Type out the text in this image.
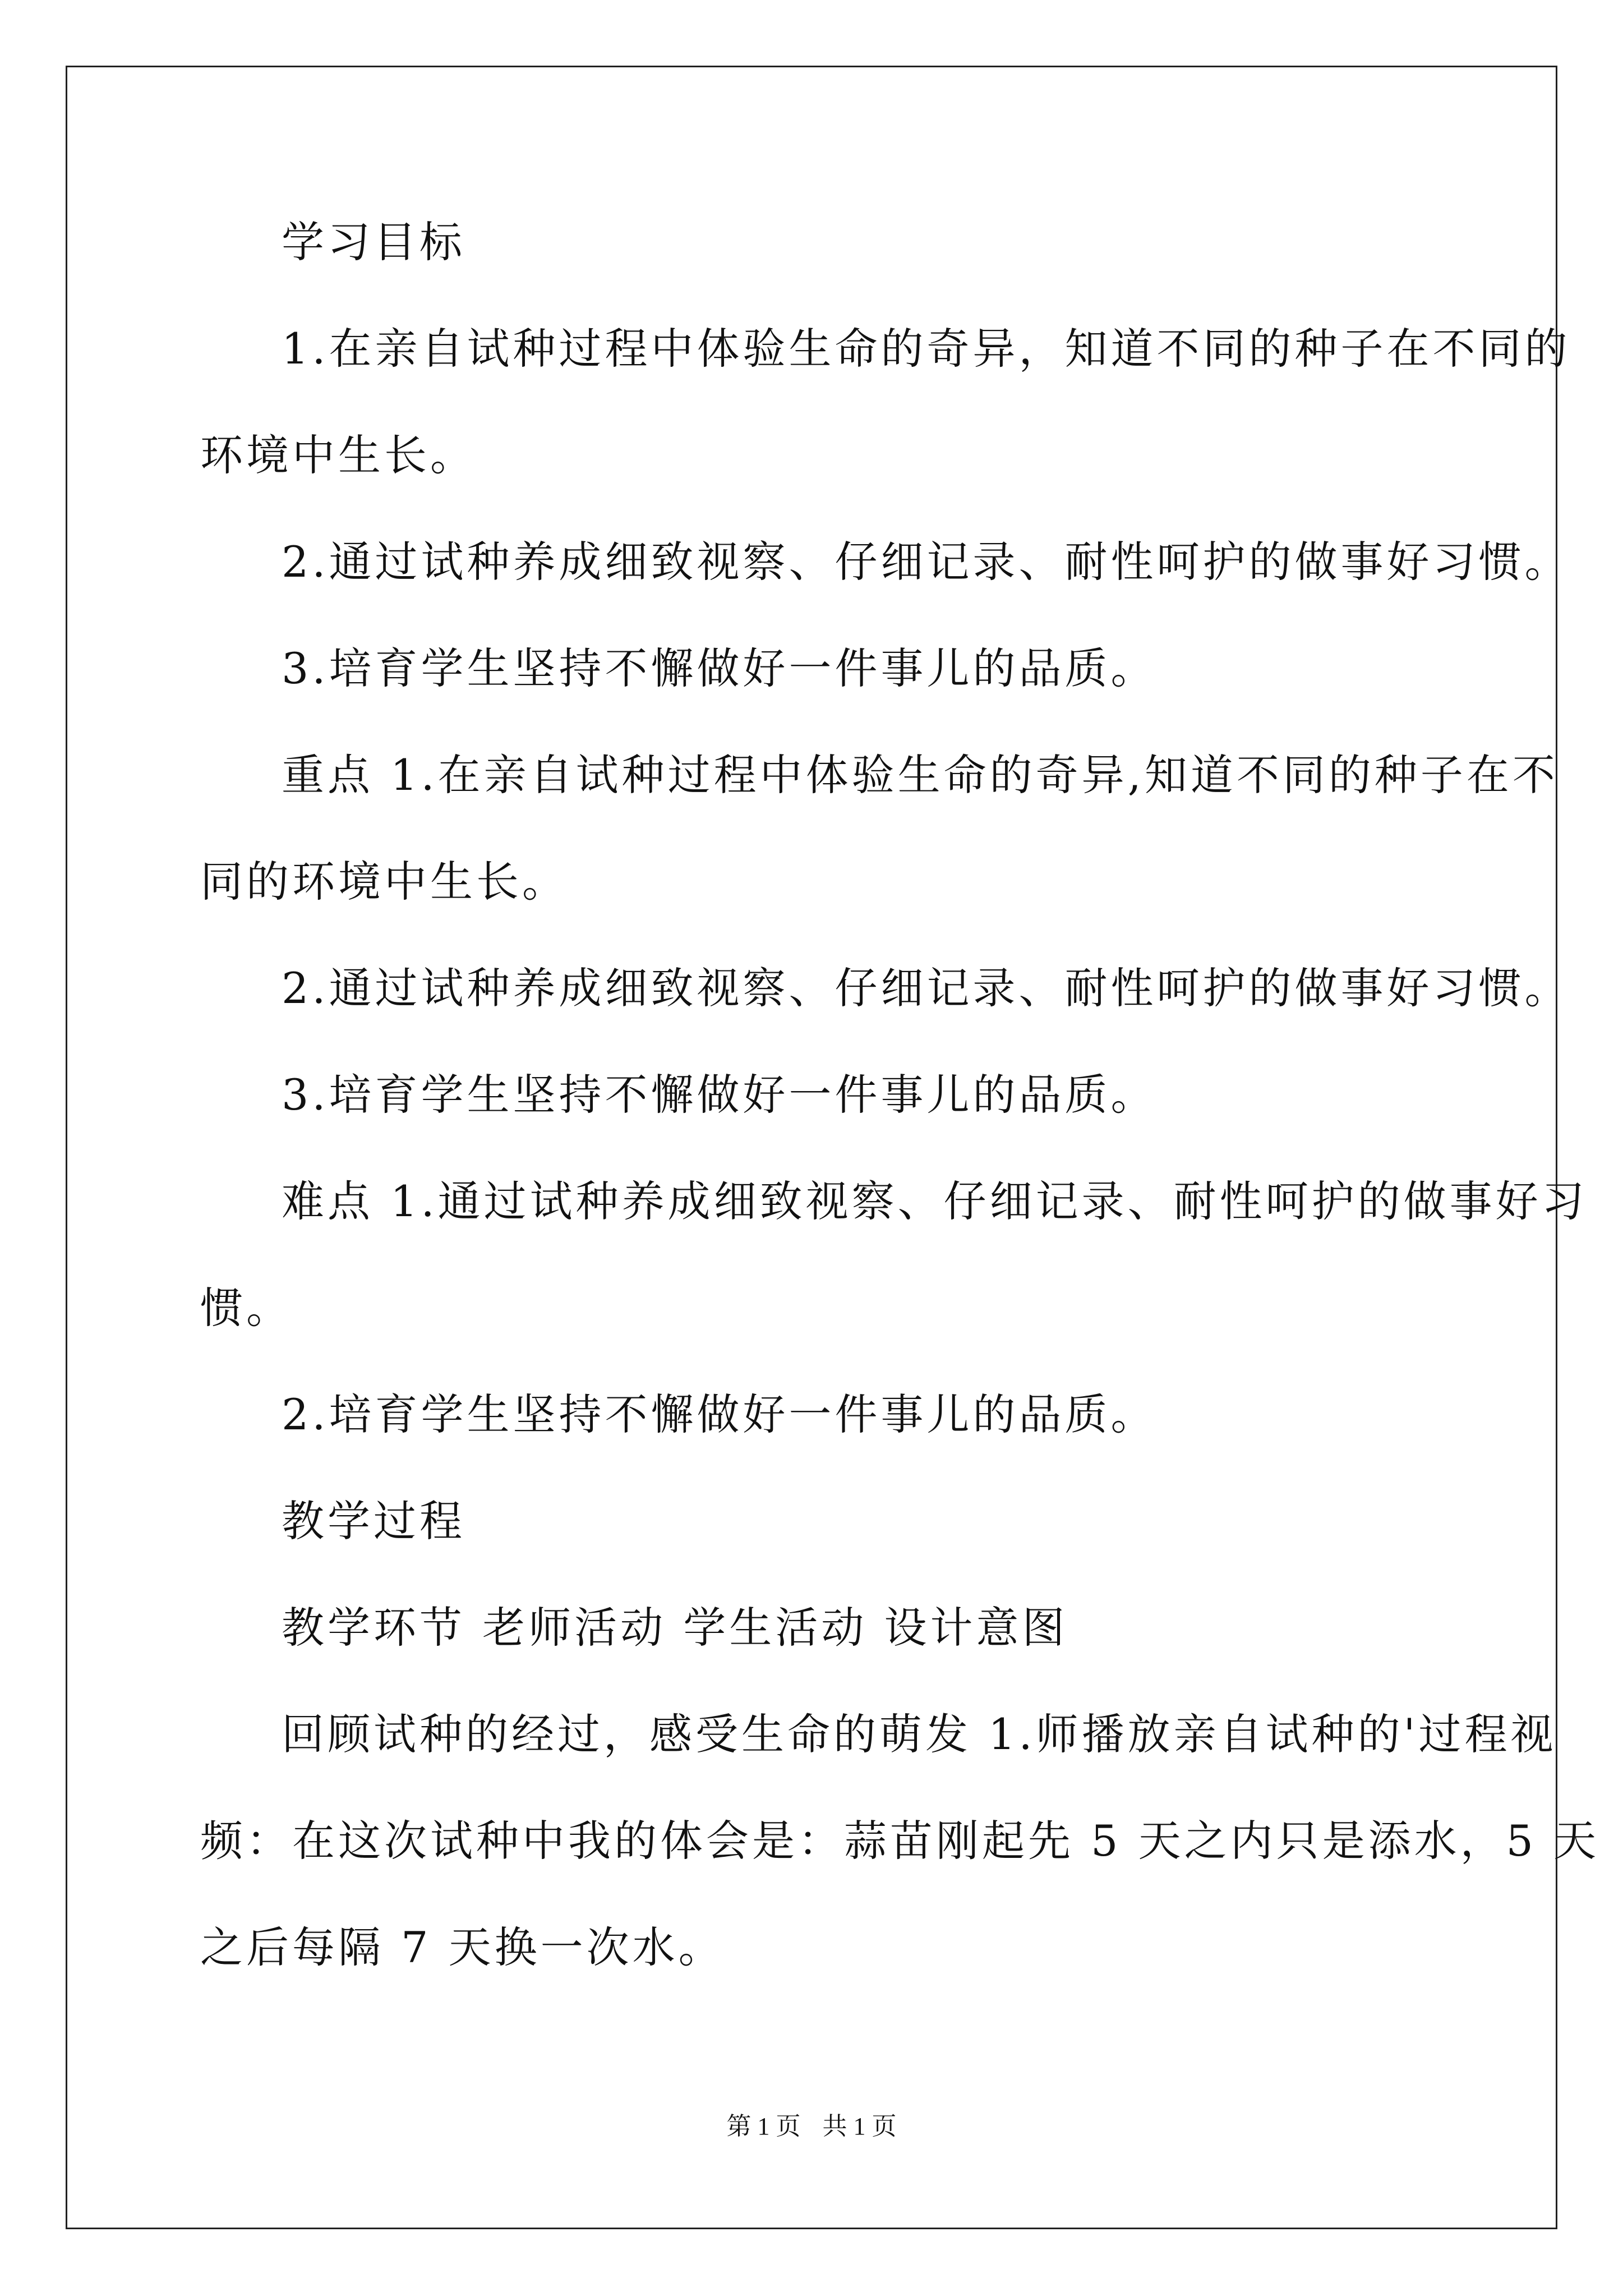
学习目标
1.在亲自试种过程中体验生命的奇异，知道不同的种子在不同的
环境中生长。
2.通过试种养成细致视察、仔细记录、耐性呵护的做事好习惯。
3.培育学生坚持不懈做好一件事儿的品质。
重点 1.在亲自试种过程中体验生命的奇异,知道不同的种子在不
同的环境中生长。
2.通过试种养成细致视察、仔细记录、耐性呵护的做事好习惯。
3.培育学生坚持不懈做好一件事儿的品质。
难点 1.通过试种养成细致视察、仔细记录、耐性呵护的做事好习
惯。
2.培育学生坚持不懈做好一件事儿的品质。
教学过程
教学环节 老师活动 学生活动 设计意图
回顾试种的经过，感受生命的萌发 1.师播放亲自试种的'过程视
频：在这次试种中我的体会是：蒜苗刚起先 5 天之内只是添水，5 天
之后每隔 7 天换一次水。
第 1 页 共 1 页
